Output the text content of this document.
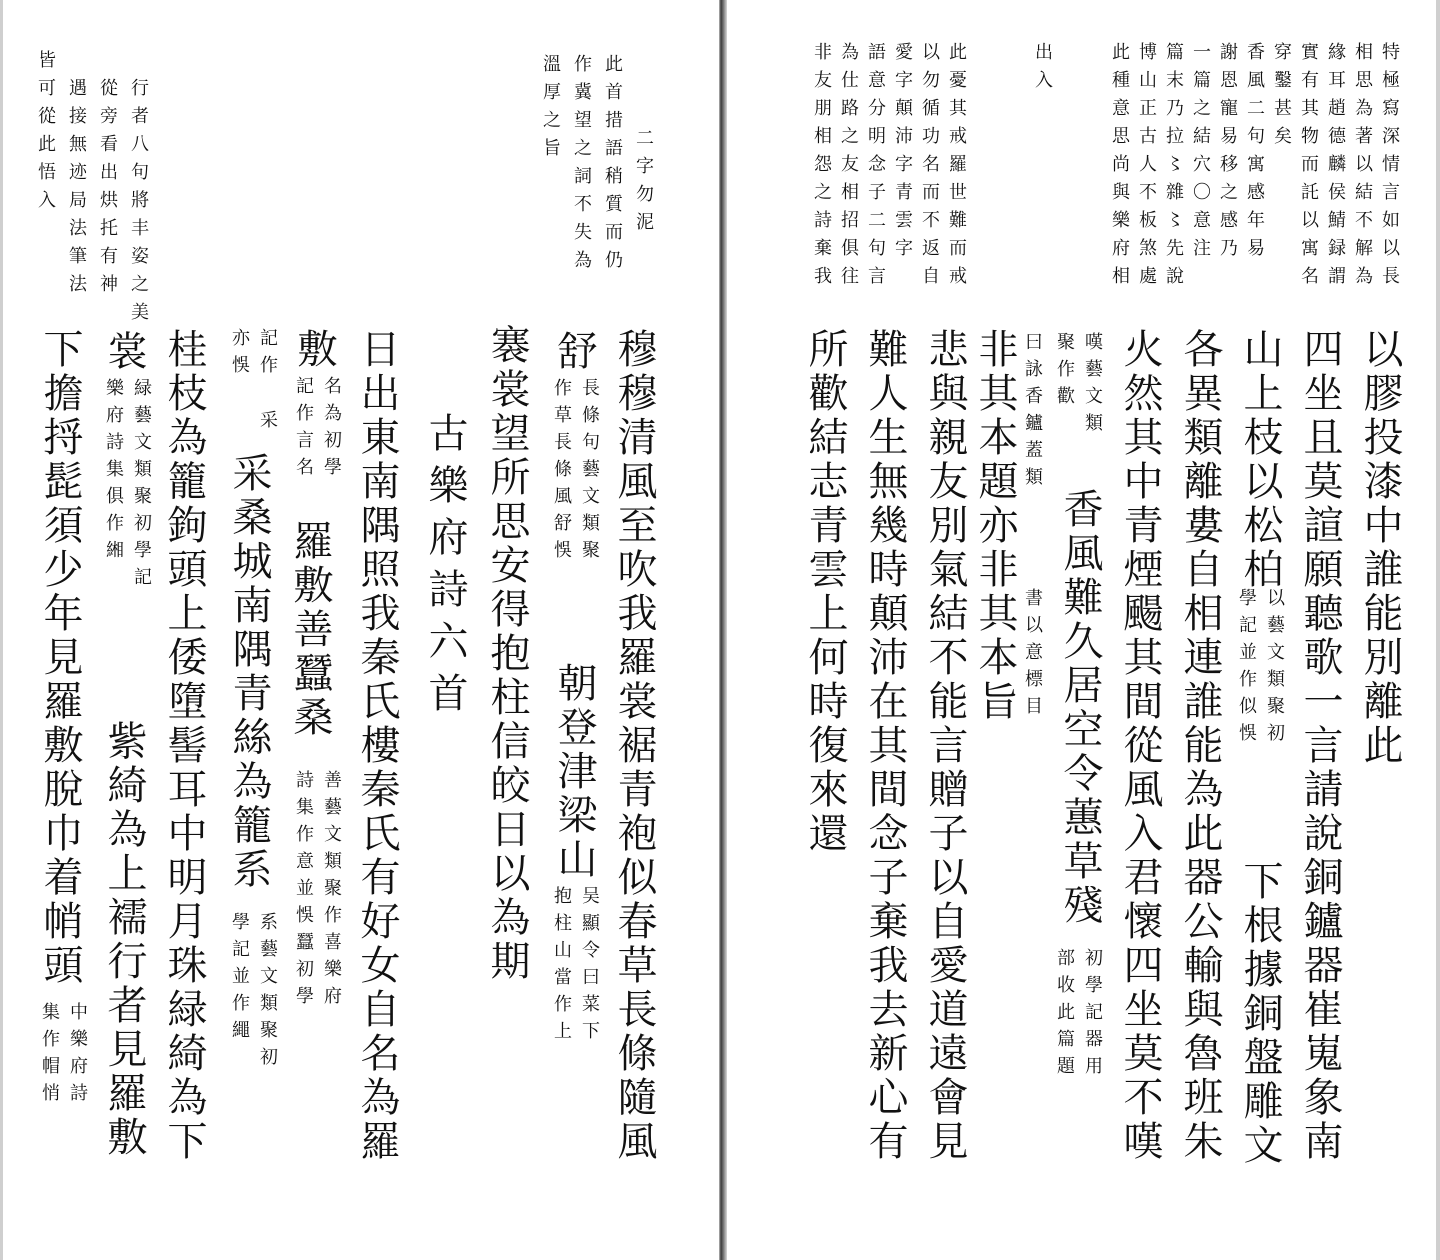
特極寫深情言如以長
相思為著以結不解為
緣耳趙德麟侯鯖録謂
實有其物而託以寓名
穿鑿甚矣
香風二句寓感年易
謝恩寵易移之感乃
一篇之結穴〇意注
篇末乃拉〻雜〻先說
博山正古人不板煞處
此種意思尚與樂府相
出入
此憂其戒羅世難而戒
以勿循功名而不返自
愛字顛沛字青雲字
語意分明念子二句言
為仕路之友相招俱往
非友朋相怨之詩棄我
以膠投漆中誰能別離此
四坐且莫諠願聽歌一言請說銅鑪器崔嵬象南
山上枝以松柏
以藝文類聚初
學記並作似悞
下根據銅盤雕文
各異類離婁自相連誰能為此器公輸與魯班朱
火然其中青煙颺其間從風入君懷四坐莫不嘆
嘆藝文類
聚作歡
香風難久居空令蕙草殘
初學記器用
部收此篇題
曰詠香鑪蓋類
非其本題亦非其本旨 書以意標目
悲與親友別氣結不能言贈子以自愛道遠會見
難人生無幾時顛沛在其間念子棄我去新心有
所歡結志青雲上何時復來還
二字勿泥
此首措語稍質而仍
作冀望之詞不失為
溫厚之旨
行者八句將丰姿之美
從旁看出烘托有神
遇接無迹局法筆法
皆可從此悟入
穆穆清風至吹我羅裳裾青袍似春草長條隨風
舒
長條句藝文類聚
作草長條風舒悞
朝登津梁山
吴顯令曰菜下
抱柱山當作上
褰裳望所思安得抱柱信皎日以為期
古樂府詩六首
日出東南隅照我秦氏樓秦氏有好女自名為羅
敷
名為初學
記作言名
羅敷善蠶桑
善藝文類聚作喜樂府
詩集作意並悞蠶初學
記作
亦悞
采
采桑城南隅青絲為籠系
系藝文類聚初
學記並作繩
桂枝為籠鉤頭上倭墮髻耳中明月珠緑綺為下
裳
緑藝文類聚初學記
樂府詩集俱作緗
紫綺為上襦行者見羅敷
下擔捋髭須少年見羅敷脫巾着帩頭
中樂府詩
集作帽悄
